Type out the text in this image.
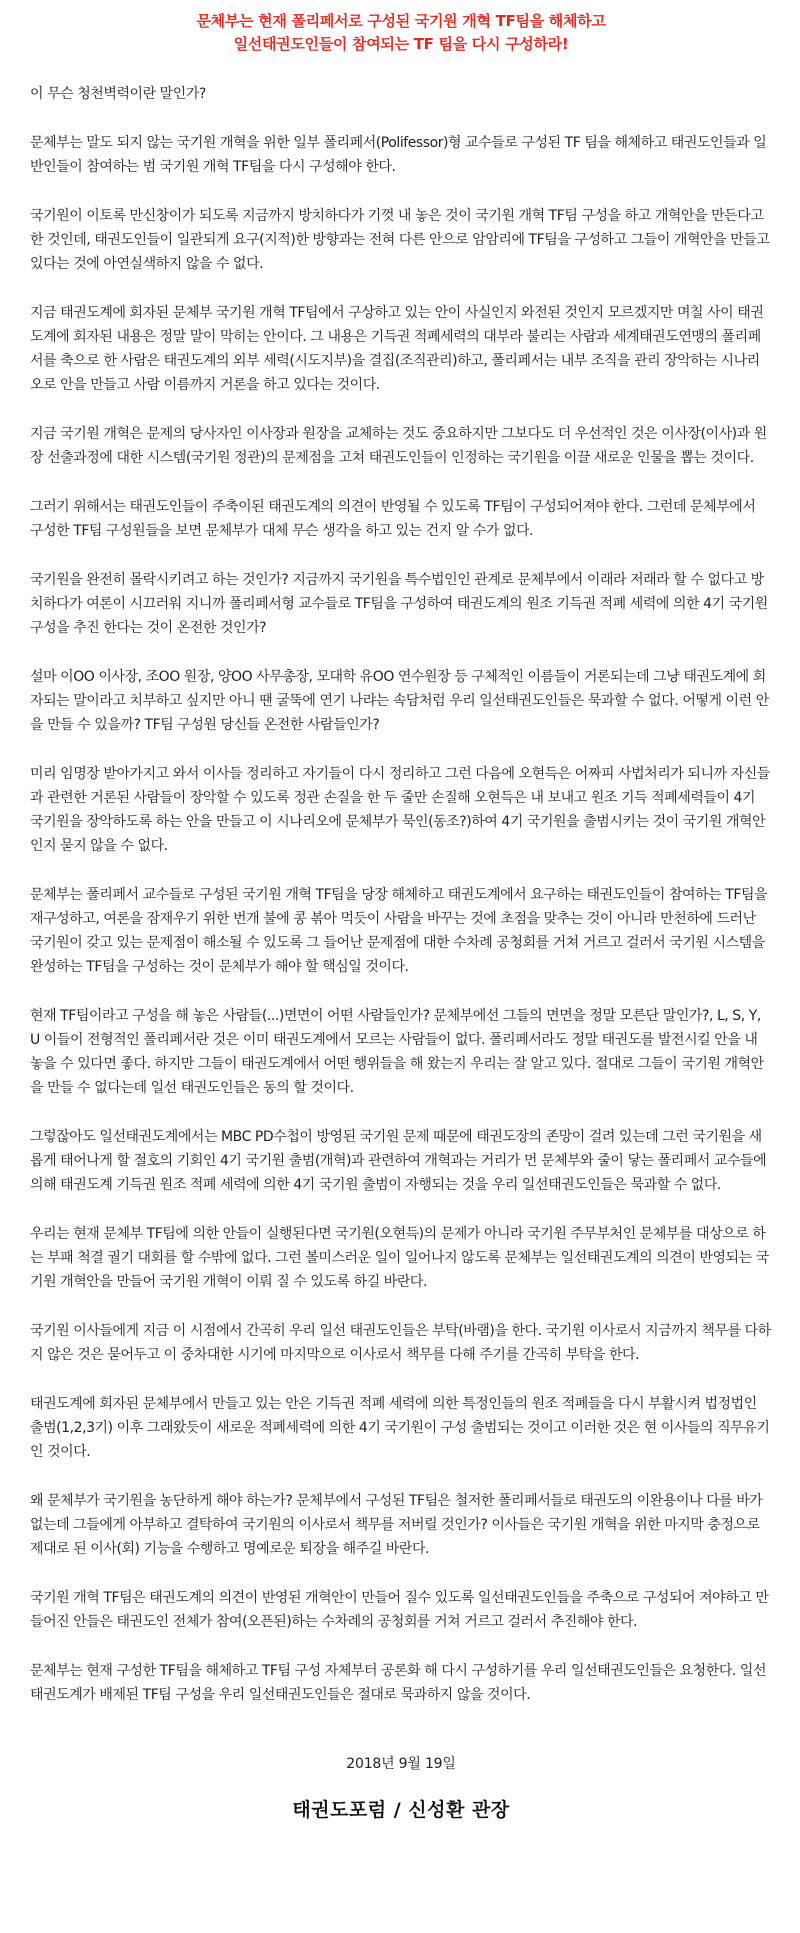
문체부는 현재 폴리페서로 구성된 국기원 개혁 TF팀을 해체하고
일선태권도인들이 참여되는 TF 팀을 다시 구성하라!

이 무슨 청천벽력이란 말인가?

문체부는 말도 되지 않는 국기원 개혁을 위한 일부 폴리페서(Polifessor)형 교수들로 구성된 TF 팀을 해체하고 태권도인들과 일반인들이 참여하는 범 국기원 개혁 TF팀을 다시 구성해야 한다.

국기원이 이토록 만신창이가 되도록 지금까지 방치하다가 기껏 내 놓은 것이 국기원 개혁 TF팀 구성을 하고 개혁안을 만든다고 한 것인데, 태권도인들이 일관되게 요구(지적)한 방향과는 전혀 다른 안으로 암암리에 TF팀을 구성하고 그들이 개혁안을 만들고 있다는 것에 아연실색하지 않을 수 없다.

지금 태권도계에 회자된 문체부 국기원 개혁 TF팀에서 구상하고 있는 안이 사실인지 와전된 것인지 모르겠지만 며칠 사이 태권도계에 회자된 내용은 정말 말이 막히는 안이다. 그 내용은 기득권 적폐세력의 대부라 불리는 사람과 세계태권도연맹의 폴리페서를 축으로 한 사람은 태권도계의 외부 세력(시도지부)을 결집(조직관리)하고, 폴리페서는 내부 조직을 관리 장악하는 시나리오로 안을 만들고 사람 이름까지 거론을 하고 있다는 것이다.

지금 국기원 개혁은 문제의 당사자인 이사장과 원장을 교체하는 것도 중요하지만 그보다도 더 우선적인 것은 이사장(이사)과 원장 선출과정에 대한 시스템(국기원 정관)의 문제점을 고쳐 태권도인들이 인정하는 국기원을 이끌 새로운 인물을 뽑는 것이다.

그러기 위해서는 태권도인들이 주축이된 태권도계의 의견이 반영될 수 있도록 TF팀이 구성되어져야 한다. 그런데 문체부에서 구성한 TF팀 구성원들을 보면 문체부가 대체 무슨 생각을 하고 있는 건지 알 수가 없다.

국기원을 완전히 몰락시키려고 하는 것인가? 지금까지 국기원을 특수법인인 관계로 문체부에서 이래라 저래라 할 수 없다고 방치하다가 여론이 시끄러워 지니까 폴리페서형 교수들로 TF팀을 구성하여 태권도계의 원조 기득권 적폐 세력에 의한 4기 국기원 구성을 추진 한다는 것이 온전한 것인가?

설마 이OO 이사장, 조OO 원장, 양OO 사무총장, 모대학 유OO 연수원장 등 구체적인 이름들이 거론되는데 그냥 태권도계에 회자되는 말이라고 치부하고 싶지만 아니 땐 굴뚝에 연기 나랴는 속담처럼 우리 일선태권도인들은 묵과할 수 없다. 어떻게 이런 안을 만들 수 있을까? TF팀 구성원 당신들 온전한 사람들인가?

미리 임명장 받아가지고 와서 이사들 정리하고 자기들이 다시 정리하고 그런 다음에 오현득은 어짜피 사법처리가 되니까 자신들과 관련한 거론된 사람들이 장악할 수 있도록 정관 손질을 한 두 줄만 손질해 오현득은 내 보내고 원조 기득 적폐세력들이 4기 국기원을 장악하도록 하는 안을 만들고 이 시나리오에 문체부가 묵인(동조?)하여 4기 국기원을 출범시키는 것이 국기원 개혁안인지 묻지 않을 수 없다.

문체부는 폴리페서 교수들로 구성된 국기원 개혁 TF팀을 당장 해체하고 태권도계에서 요구하는 태권도인들이 참여하는 TF팀을 재구성하고, 여론을 잠재우기 위한 번개 불에 콩 볶아 먹듯이 사람을 바꾸는 것에 초점을 맞추는 것이 아니라 만천하에 드러난 국기원이 갖고 있는 문제점이 해소될 수 있도록 그 들어난 문제점에 대한 수차례 공청회를 거쳐 거르고 걸러서 국기원 시스템을 완성하는 TF팀을 구성하는 것이 문체부가 해야 할 핵심일 것이다.

현재 TF팀이라고 구성을 해 놓은 사람들(...)면면이 어떤 사람들인가? 문체부에선 그들의 면면을 정말 모른단 말인가?, L, S, Y, U 이들이 전형적인 폴리페서란 것은 이미 태권도계에서 모르는 사람들이 없다. 폴리페서라도 정말 태권도를 발전시킬 안을 내 놓을 수 있다면 좋다. 하지만 그들이 태권도계에서 어떤 행위들을 해 왔는지 우리는 잘 알고 있다. 절대로 그들이 국기원 개혁안을 만들 수 없다는데 일선 태권도인들은 동의 할 것이다.

그렇잖아도 일선태권도계에서는 MBC PD수첩이 방영된 국기원 문제 때문에 태권도장의 존망이 걸려 있는데 그런 국기원을 새롭게 태어나게 할 절호의 기회인 4기 국기원 출범(개혁)과 관련하여 개혁과는 거리가 먼 문체부와 줄이 닿는 폴리페서 교수들에 의해 태권도계 기득권 원조 적폐 세력에 의한 4기 국기원 출범이 자행되는 것을 우리 일선태권도인들은 묵과할 수 없다.

우리는 현재 문체부 TF팀에 의한 안들이 실행된다면 국기원(오현득)의 문제가 아니라 국기원 주무부처인 문체부를 대상으로 하는 부패 척결 궐기 대회를 할 수밖에 없다. 그런 볼미스러운 일이 일어나지 않도록 문체부는 일선태권도계의 의견이 반영되는 국기원 개혁안을 만들어 국기원 개혁이 이뤄 질 수 있도록 하길 바란다.

국기원 이사들에게 지금 이 시점에서 간곡히 우리 일선 태권도인들은 부탁(바램)을 한다. 국기원 이사로서 지금까지 책무를 다하지 않은 것은 묻어두고 이 중차대한 시기에 마지막으로 이사로서 책무를 다해 주기를 간곡히 부탁을 한다.

태권도계에 회자된 문체부에서 만들고 있는 안은 기득권 적폐 세력에 의한 특정인들의 원조 적폐들을 다시 부활시켜 법정법인 출범(1,2,3기) 이후 그래왔듯이 새로운 적폐세력에 의한 4기 국기원이 구성 출범되는 것이고 이러한 것은 현 이사들의 직무유기인 것이다.

왜 문체부가 국기원을 농단하게 해야 하는가? 문체부에서 구성된 TF팀은 철저한 폴리페서들로 태권도의 이완용이나 다를 바가 없는데 그들에게 아부하고 결탁하여 국기원의 이사로서 책무를 저버릴 것인가? 이사들은 국기원 개혁을 위한 마지막 충정으로 제대로 된 이사(회) 기능을 수행하고 명예로운 퇴장을 해주길 바란다.

국기원 개혁 TF팀은 태권도계의 의견이 반영된 개혁안이 만들어 질수 있도록 일선태권도인들을 주축으로 구성되어 져야하고 만들어진 안들은 태권도인 전체가 참여(오픈된)하는 수차례의 공청회를 거쳐 거르고 걸러서 추진해야 한다.

문체부는 현재 구성한 TF팀을 해체하고 TF팀 구성 자체부터 공론화 해 다시 구성하기를 우리 일선태권도인들은 요청한다. 일선태권도계가 배제된 TF팀 구성을 우리 일선태권도인들은 절대로 묵과하지 않을 것이다.

2018년 9월 19일
태권도포럼 / 신성환 관장
